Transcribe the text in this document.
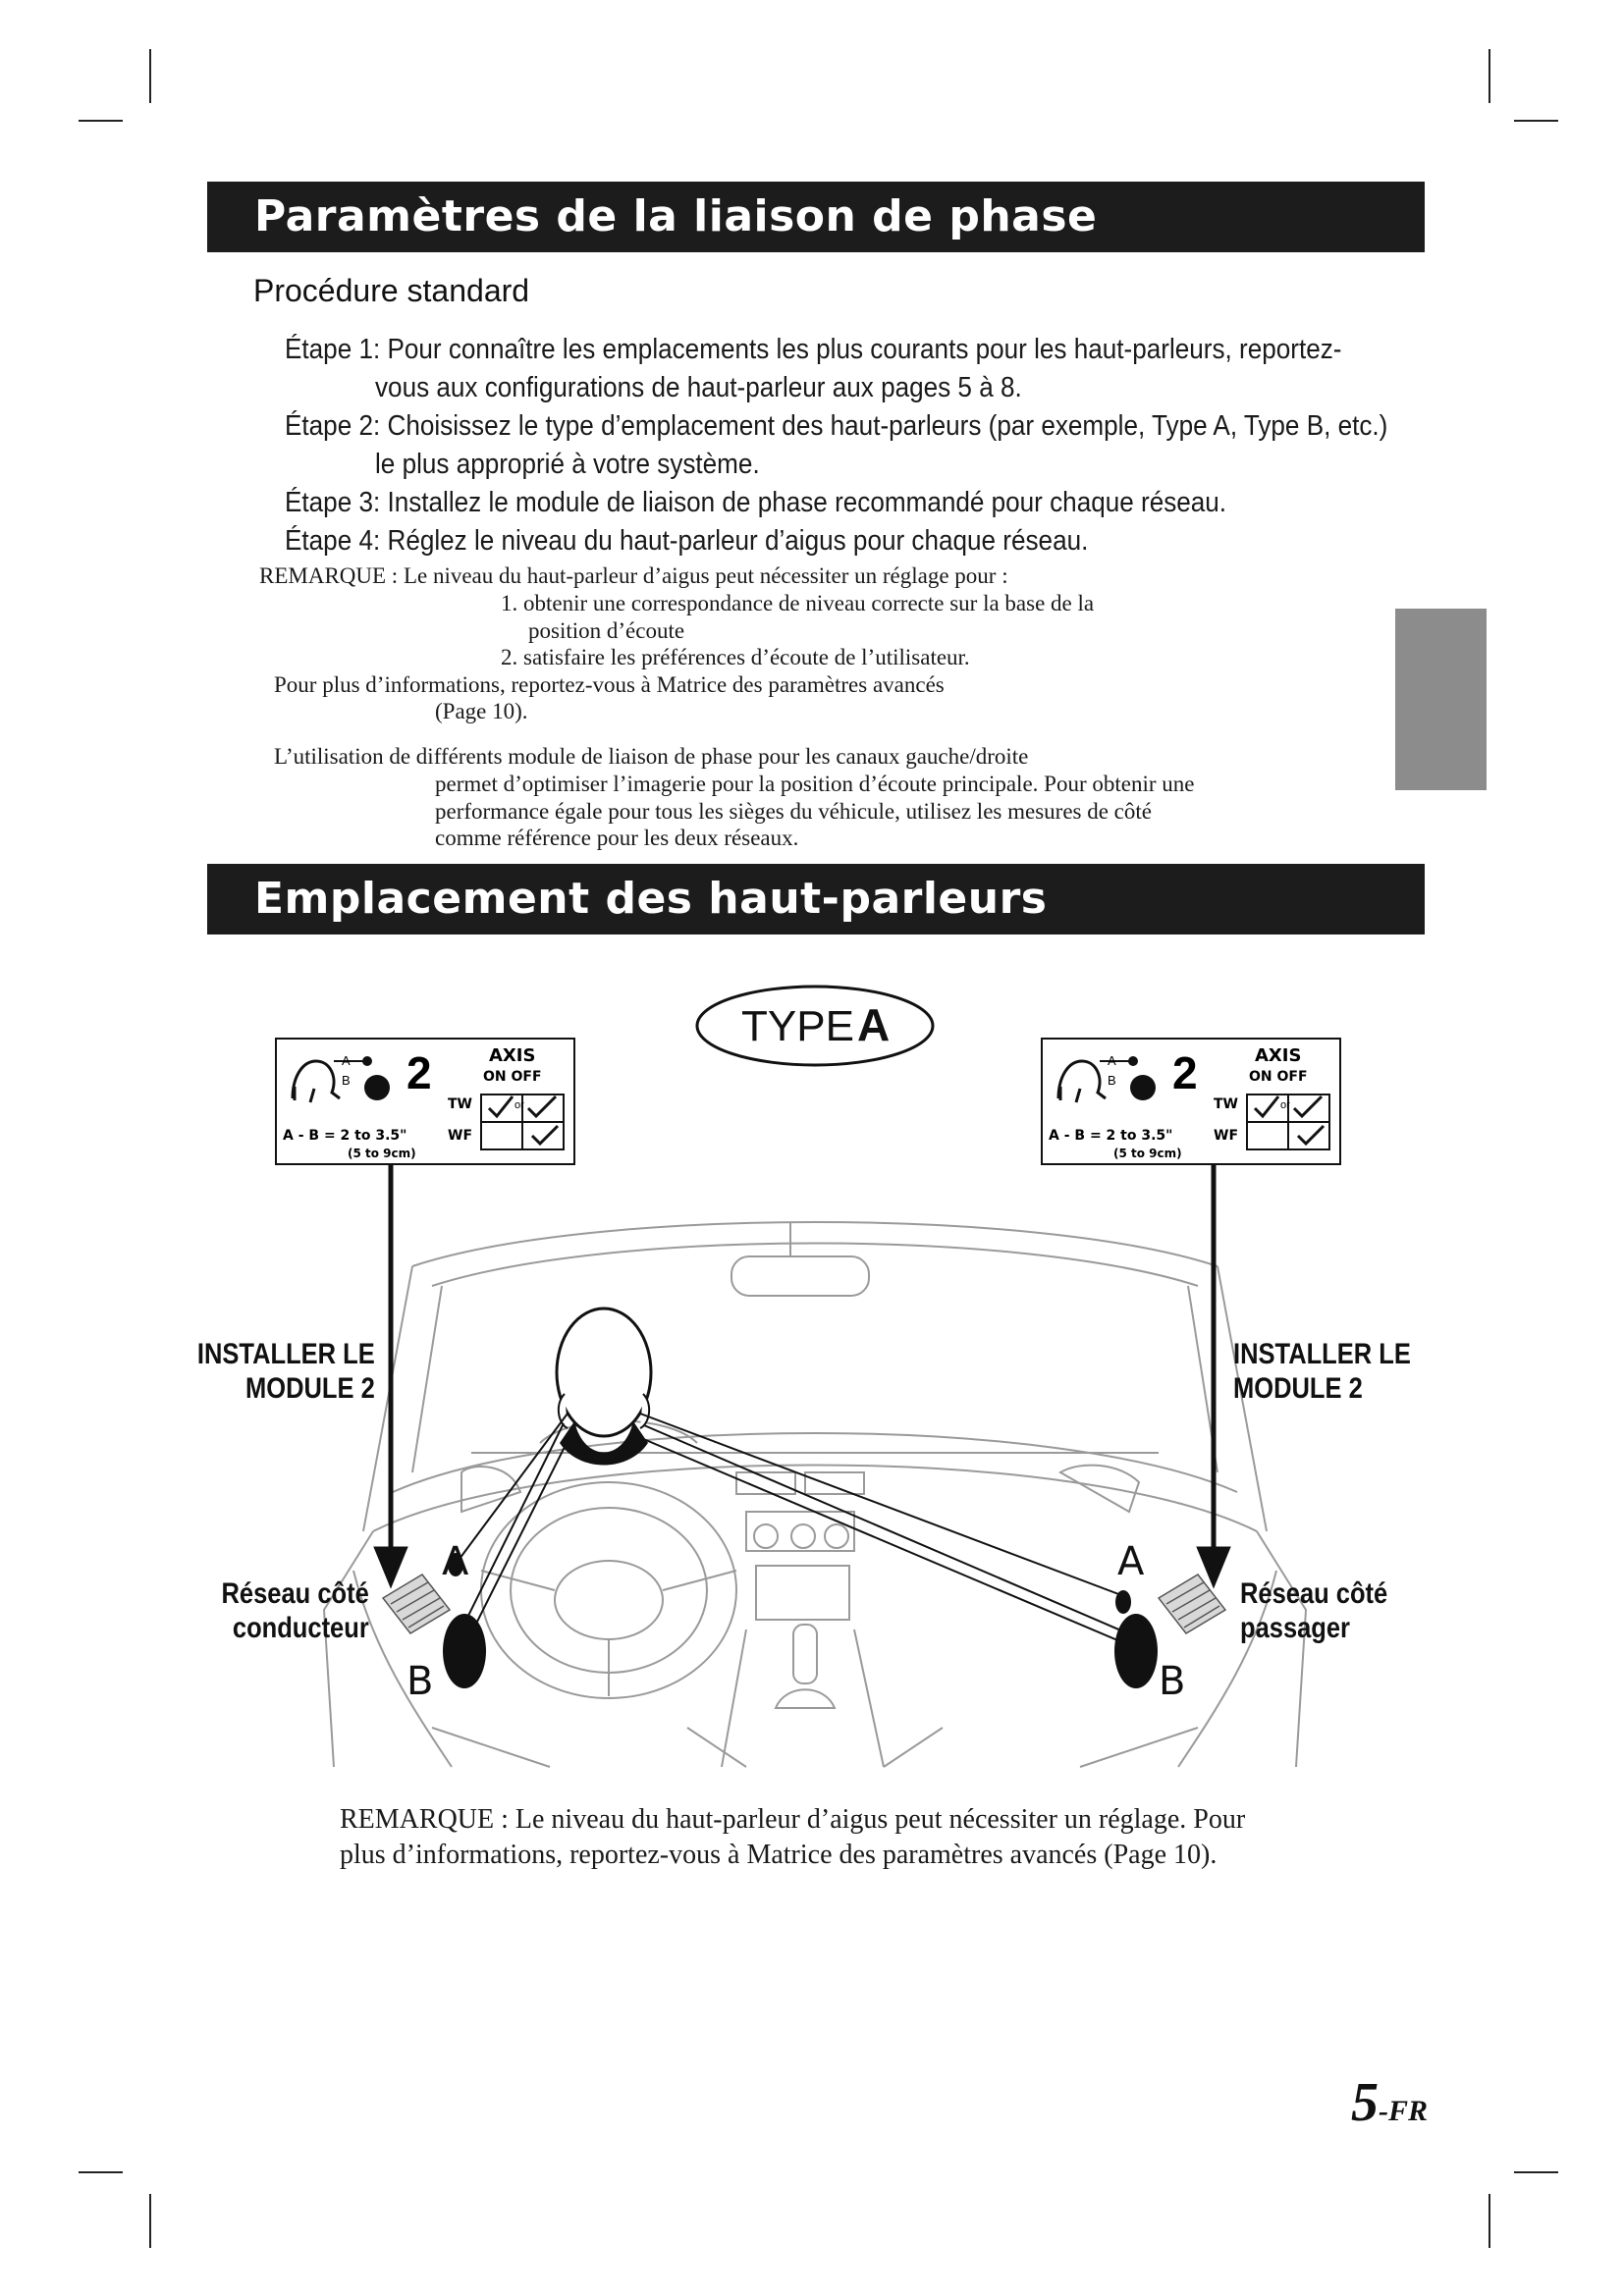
Paramètres de la liaison de phase
Procédure standard
Étape 1: Pour connaître les emplacements les plus courants pour les haut-parleurs, reportez-
vous aux configurations de haut-parleur aux pages 5 à 8.
Étape 2: Choisissez le type d’emplacement des haut-parleurs (par exemple, Type A, Type B, etc.)
le plus approprié à votre système.
Étape 3: Installez le module de liaison de phase recommandé pour chaque réseau.
Étape 4: Réglez le niveau du haut-parleur d’aigus pour chaque réseau.
REMARQUE : Le niveau du haut-parleur d’aigus peut nécessiter un réglage pour :
1. obtenir une correspondance de niveau correcte sur la base de la
position d’écoute
2. satisfaire les préférences d’écoute de l’utilisateur.
Pour plus d’informations, reportez-vous à Matrice des paramètres avancés
(Page 10).
L’utilisation de différents module de liaison de phase pour les canaux gauche/droite
permet d’optimiser l’imagerie pour la position d’écoute principale. Pour obtenir une
performance égale pour tous les sièges du véhicule, utilisez les mesures de côté
comme référence pour les deux réseaux.
Emplacement des haut-parleurs
TYPE A
A
B 2	AXIS
ON OFF
TW
WF
or
A - B = 2 to 3.5"
(5 to 9cm)
A
B 2	AXIS
ON OFF
TW
WF
or
A - B = 2 to 3.5"
(5 to 9cm)
A
B
A
B
INSTALLER LE
MODULE 2
Réseau côté
conducteur
INSTALLER LE
MODULE 2
Réseau côté
passager
REMARQUE : Le niveau du haut-parleur d’aigus peut nécessiter un réglage. Pour
plus d’informations, reportez-vous à Matrice des paramètres avancés (Page 10).
5-FR
